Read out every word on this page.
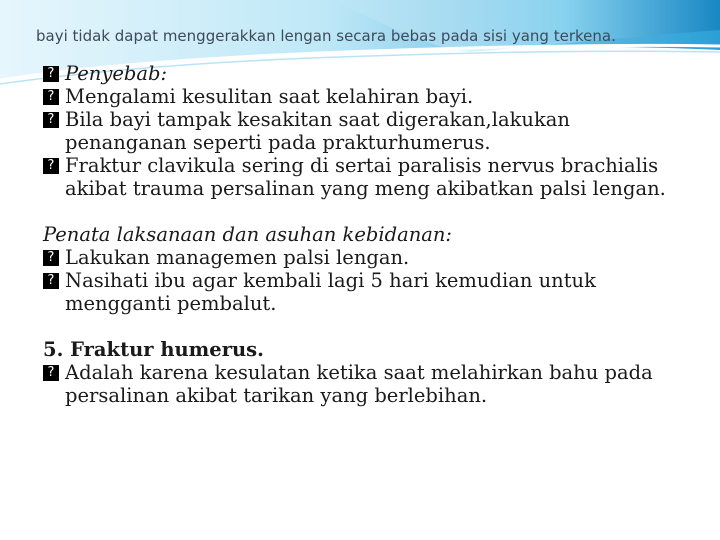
bayi tidak dapat menggerakkan lengan secara bebas pada sisi yang terkena.
? Penyebab:
? Mengalami kesulitan saat kelahiran bayi.
? Bila bayi tampak kesakitan saat digerakan,lakukan penanganan seperti pada prakturhumerus.
? Fraktur clavikula sering di sertai paralisis nervus brachialis akibat trauma persalinan yang meng akibatkan palsi lengan.
Penata laksanaan dan asuhan kebidanan:
? Lakukan managemen palsi lengan.
? Nasihati ibu agar kembali lagi 5 hari kemudian untuk mengganti pembalut.
5. Fraktur humerus.
? Adalah karena kesulatan ketika saat melahirkan bahu pada persalinan akibat tarikan yang berlebihan.
